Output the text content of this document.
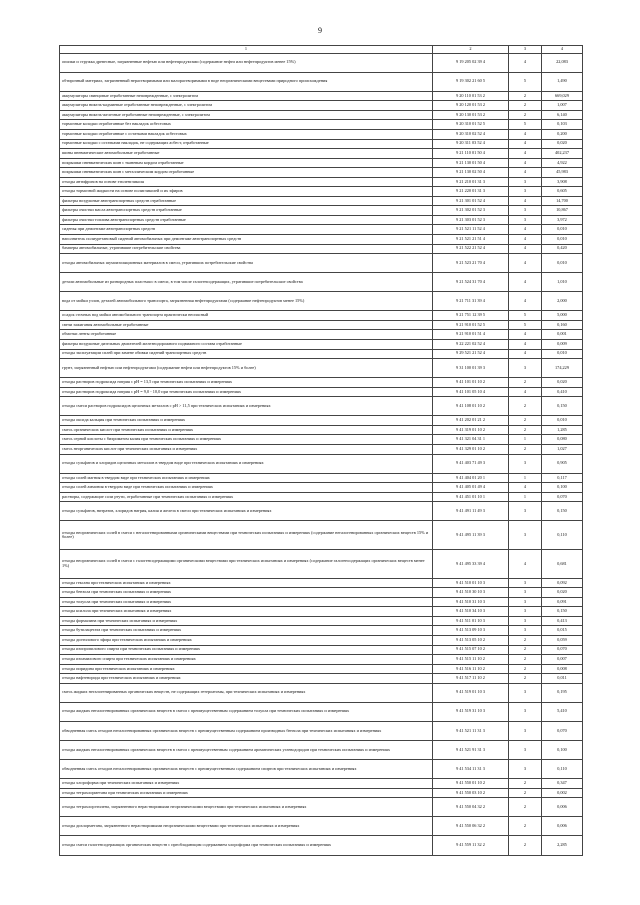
9
1	2	3	4
опилки и стружка древесные, загрязненные нефтью или нефтепродуктами (содержание нефти или нефтепродуктов менее 15%)	9 19 205 02 39 4	4	22,083
обтирочный материал, загрязненный нерастворимыми или малорастворимыми в воде неорганическими веществами природного происхождения	9 19 302 21 60 5	5	1,490
аккумуляторы свинцовые отработанные неповрежденные, с электролитом	9 20 110 01 53 2	2	669,029
аккумуляторы никель-кадмиевые отработанные неповрежденные, с электролитом	9 20 120 01 53 2	2	1,007
аккумуляторы никель-железные отработанные неповрежденные, с электролитом	9 20 130 01 53 2	2	6,140
тормозные колодки отработанные без накладок асбестовых	9 20 310 01 52 5	5	0,103
тормозные колодки отработанные с остатками накладок асбестовых	9 20 310 02 52 4	4	0,200
тормозные колодки с остатками накладок, не содержащих асбест, отработанные	9 20 311 03 52 4	4	0,020
шины пневматические автомобильные отработанные	9 21 110 01 50 4	4	402,237
покрышки пневматических шин с тканевым кордом отработанные	9 21 130 01 50 4	4	4,922
покрышки пневматических шин с металлическим кордом отработанные	9 21 130 02 50 4	4	45,983
отходы антифризов на основе этиленгликоля	9 21 210 01 31 3	3	3,908
отходы тормозной жидкости на основе полигликолей и их эфиров	9 21 220 01 31 3	3	0,605
фильтры воздушные автотранспортных средств отработанные	9 21 301 01 52 4	4	14,700
фильтры очистки масла автотранспортных средств отработанные	9 21 302 01 52 3	3	10,867
фильтры очистки топлива автотранспортных средств отработанные	9 21 303 01 52 3	3	3,972
сиденья при демонтаже автотранспортных средств	9 21 521 11 52 4	4	0,010
наполнитель полиуретановый сидений автомобильных при демонтаже автотранспортных средств	9 21 521 21 51 4	4	0,010
бамперы автомобильные, утратившие потребительские свойства	9 21 522 21 52 4	4	0,420
отходы автомобильных шумоизоляционных материалов в смеси, утративших потребительские свойства	9 21 523 21 70 4	4	0,010
детали автомобильные из разнородных пластмасс в смеси, в том числе галогенсодержащих, утратившие потребительские свойства	9 21 524 31 70 4	4	1,010
вода от мойки узлов, деталей автомобильного транспорта, загрязненная нефтепродуктами (содержание нефтепродуктов менее 15%)	9 21 711 31 39 4	4	2,000
осадок сточных вод мойки автомобильного транспорта практически неопасный	9 21 751 12 39 5	5	5,000
свечи зажигания автомобильные отработанные	9 21 910 01 52 5	5	0,160
обмотки ленты отработанные	9 21 910 01 51 4	4	0,001
фильтры воздушные дизельных двигателей железнодорожного подвижного состава отработанные	9 22 221 02 52 4	4	0,009
отходы эксплуатации сплей при замене обивки сидений транспортных средств	9 29 521 21 52 4	4	0,010
грунт, загрязненный нефтью или нефтепродуктами (содержание нефти или нефтепродуктов 15% и более)	9 31 100 01 39 3	3	174,229
отходы растворов гидроксида натрия с pH = 13,5 при технических испытаниях и измерениях	9 41 101 01 10 2	2	0,020
отходы растворов гидроксида натрия с pH = 9,0 - 10,0 при технических испытаниях и измерениях	9 41 101 05 10 4	4	0,410
отходы смеси растворов гидроксидов щелочных металлов с pH > 11,5 при технических испытаниях и измерениях	9 41 108 01 10 2	2	0,150
отходы оксида кальция при технических испытаниях и измерениях	9 41 202 01 21 2	2	0,010
смесь органических кислот при технических испытаниях и измерениях	9 41 319 01 10 2	2	1,285
смесь серной кислоты с бихроматом калия при технических испытаниях и измерениях	9 41 321 04 31 1	1	0,080
смесь неорганических кислот при технических испытаниях и измерениях	9 41 329 01 10 2	2	1,027
отходы сульфатов и хлоридов щелочных металлов в твердом виде при технических испытаниях и измерениях	9 41 403 71 49 3	3	0,905
отходы солей магния в твердом виде при технических испытаниях и измерениях	9 41 404 01 20 1	1	0,117
отходы солей аммония в твердом виде при технических испытаниях и измерениях	9 41 405 01 49 4	4	0,100
растворы, содержащие соли ртути, отработанные при технических испытаниях и измерениях	9 41 451 01 10 1	1	0,070
отходы сульфатов, нитратов, хлоридов натрия, калия и железа в смеси при технических испытаниях и измерениях	9 41 491 11 49 3	3	0,150
отходы неорганических солей в смеси с негалогенированными органическими веществами при технических испытаниях и измерениях (содержание негалогенированных органических веществ 15% и более)	9 41 495 11 39 3	3	0,110
отходы неорганических солей в смеси с галогенсодержащими органическими веществами при технических испытаниях и измерениях (содержание галогенсодержащих органических веществ менее 1%)	9 41 495 33 39 4	4	0,681
отходы гексана при технических испытаниях и измерениях	9 41 510 01 10 3	3	0,092
отходы бензола при технических испытаниях и измерениях	9 41 510 30 10 3	3	0,020
отходы толуола при технических испытаниях и измерениях	9 41 510 31 10 3	3	0,091
отходы ксилола при технических испытаниях и измерениях	9 41 510 34 10 3	3	0,150
отходы формалина при технических испытаниях и измерениях	9 41 511 01 10 3	3	0,413
отходы бутилацетата при технических испытаниях и измерениях	9 41 513 09 10 3	3	0,015
отходы диэтилового эфира при технических испытаниях и измерениях	9 41 513 05 10 2	2	0,059
отходы изопропилового спирта при технических испытаниях и измерениях	9 41 515 07 10 2	2	0,070
отходы изоамилового спирта при технических испытаниях и измерениях	9 41 515 11 10 2	2	0,007
отходы пиридина при технических испытаниях и измерениях	9 41 516 11 10 2	2	0,008
отходы нафтенорида при технических испытаниях и измерениях	9 41 517 11 10 2	2	0,011
смесь жидких негалогенированных органических веществ, не содержащих гетероатомы, при технических испытаниях и измерениях	9 41 519 01 10 3	3	0,195
отходы жидких негалогенированных органических веществ в смеси с преимущественным содержанием толуола при технических испытаниях и измерениях	9 41 519 31 10 3	3	5,410
обводненная смесь отходов негалогенированных органических веществ с преимущественным содержанием производных бензола при технических испытаниях и измерениях	9 41 521 11 31 3	3	0,070
отходы жидких негалогенированных органических веществ в смеси с преимущественным содержанием ароматических углеводородов при технических испытаниях и измерениях	9 41 521 91 31 3	3	0,100
обводненная смесь отходов негалогенированных органических веществ с преимущественным содержанием спиртов при технических испытаниях и измерениях	9 41 534 11 31 3	3	0,110
отходы хлороформа при технических испытаниях и измерениях	9 41 550 01 10 2	2	0,347
отходы тетрахлорметана при технических испытаниях и измерениях	9 41 550 03 10 2	2	0,002
отходы тетрахлорэтилена, загрязненного нерастворимыми неорганическими веществами при технических испытаниях и измерениях	9 41 550 04 32 2	2	0,006
отходы дихлорметана, загрязненного нерастворимыми неорганическими веществами при технических испытаниях и измерениях	9 41 550 06 32 2	2	0,006
отходы смеси галогенсодержащих органических веществ с преобладающим содержанием хлороформа при технических испытаниях и измерениях	9 41 559 11 32 2	2	2,285
